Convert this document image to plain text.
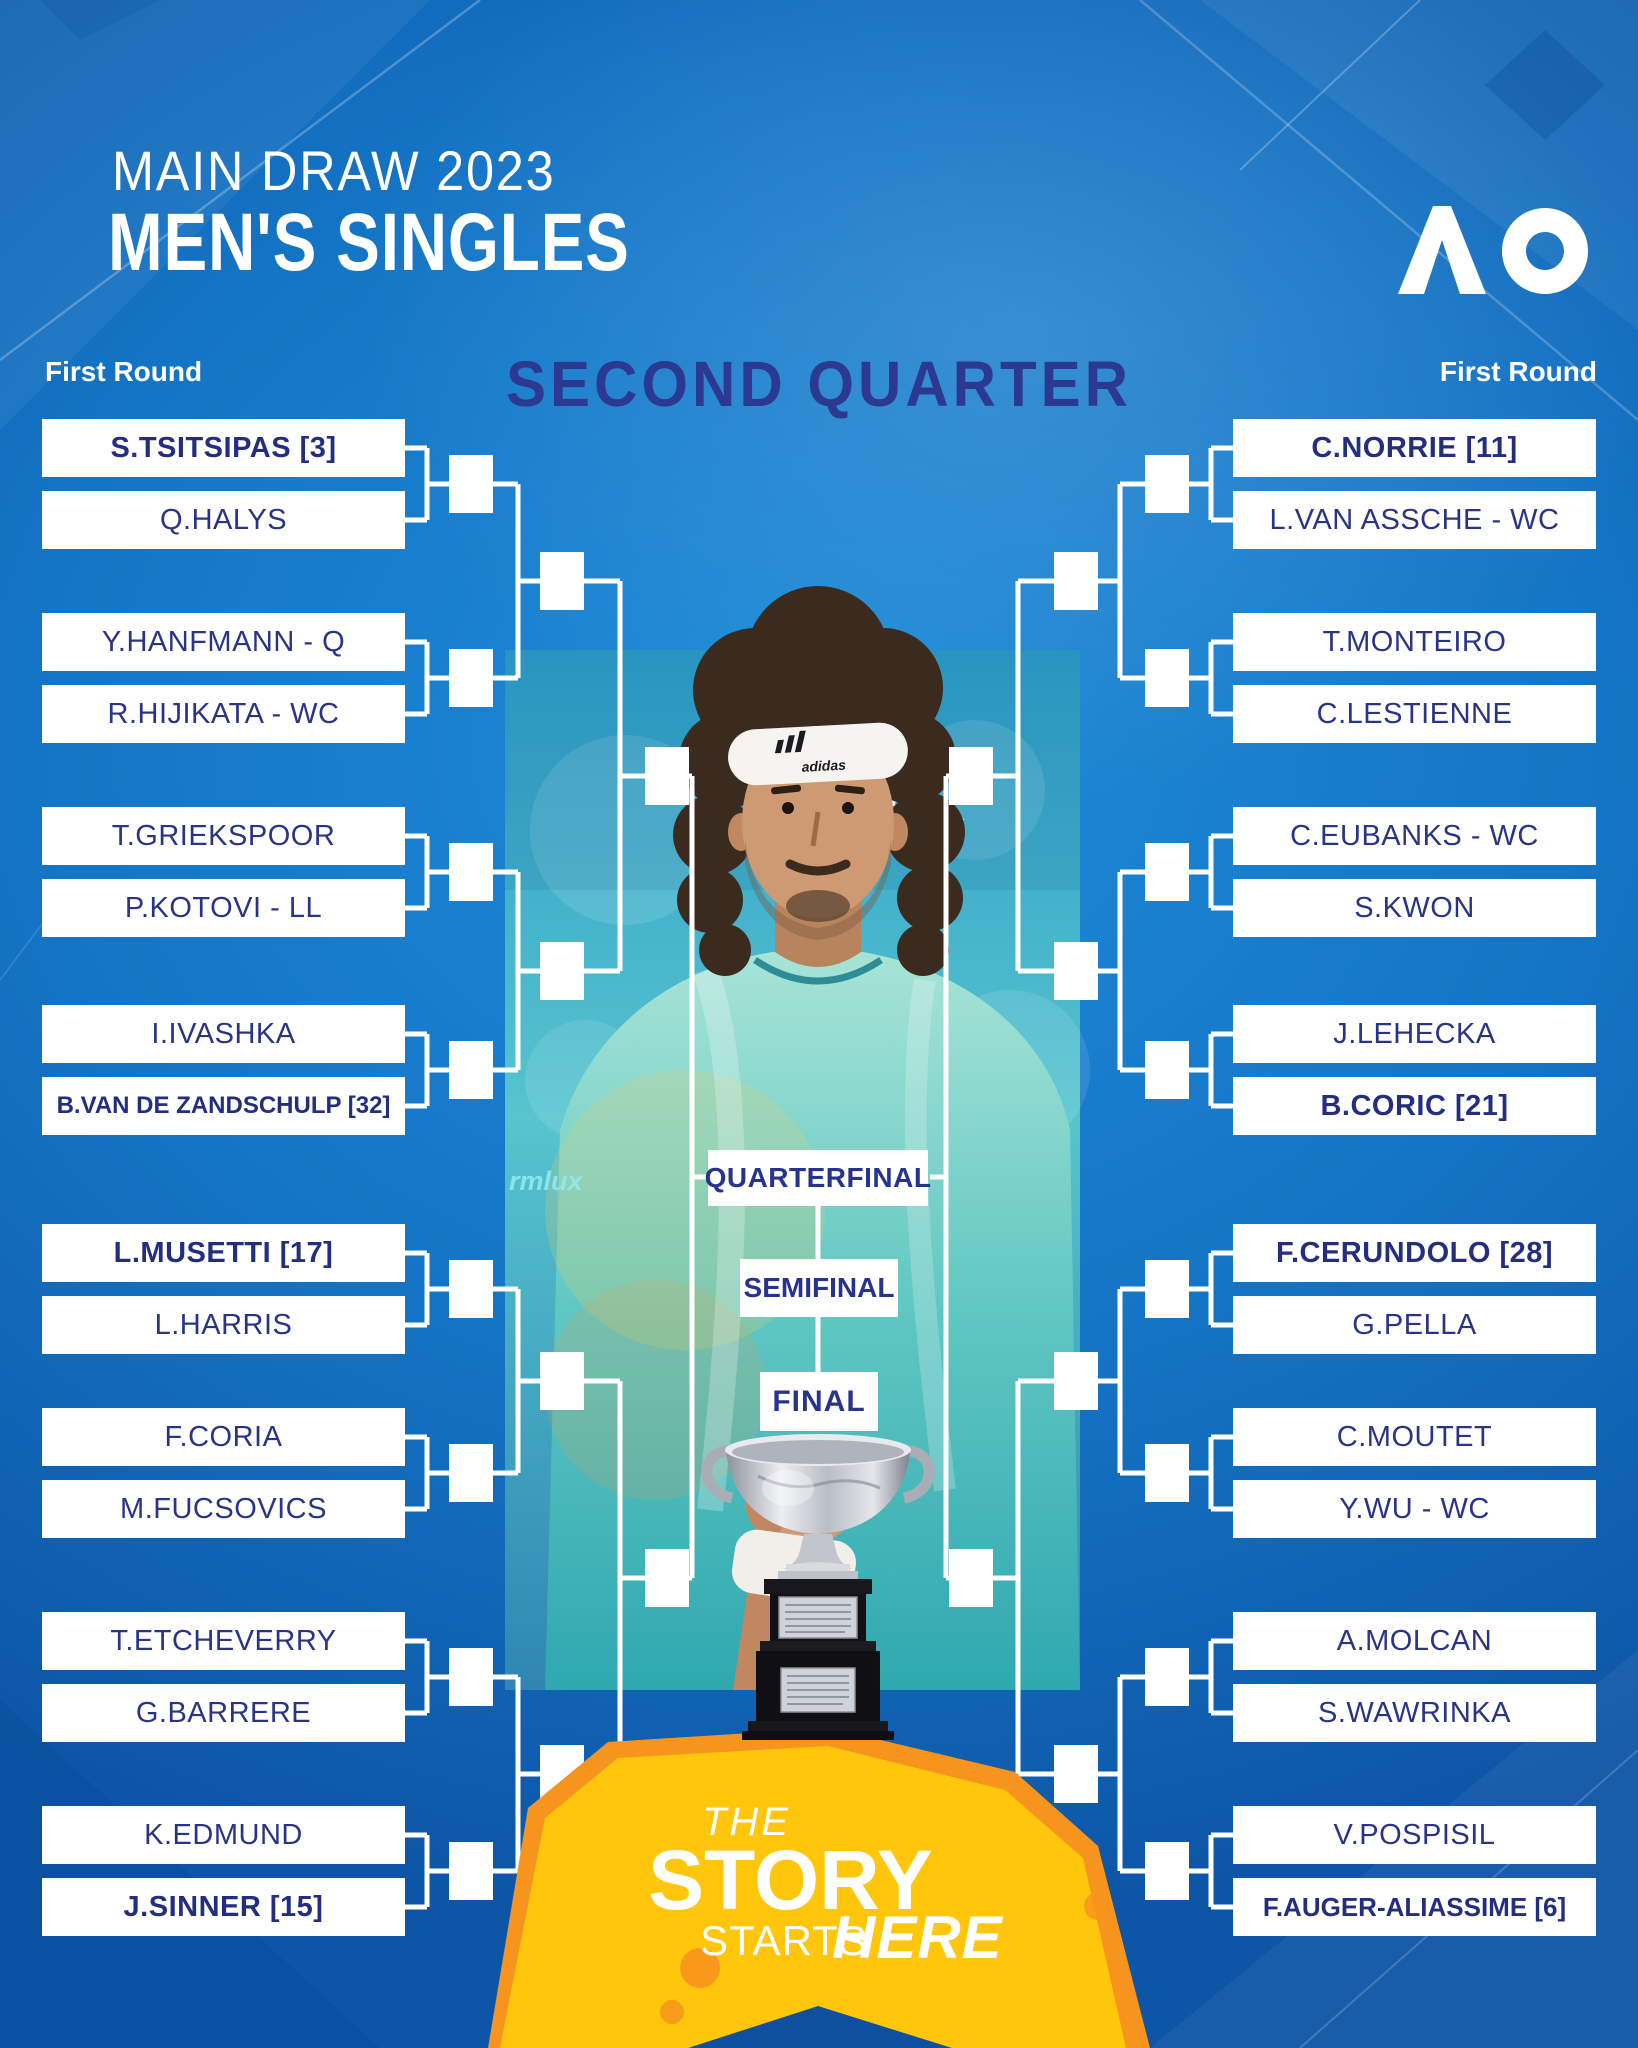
MAIN DRAW 2023
MEN'S SINGLES
First Round	SECOND QUARTER	First Round
adidas
rmlux
S.TSITSIPAS [3]
Q.HALYS
Y.HANFMANN - Q
R.HIJIKATA - WC
T.GRIEKSPOOR
P.KOTOVI - LL
I.IVASHKA
B.VAN DE ZANDSCHULP [32]
L.MUSETTI [17]
L.HARRIS
F.CORIA
M.FUCSOVICS
T.ETCHEVERRY
G.BARRERE
K.EDMUND
J.SINNER [15]
C.NORRIE [11]
L.VAN ASSCHE - WC
T.MONTEIRO
C.LESTIENNE
C.EUBANKS - WC
S.KWON
J.LEHECKA
B.CORIC [21]
F.CERUNDOLO [28]
G.PELLA
C.MOUTET
Y.WU - WC
A.MOLCAN
S.WAWRINKA
V.POSPISIL
F.AUGER-ALIASSIME [6]
QUARTERFINAL
SEMIFINAL
FINAL
THE
STORY
STARTS
HERE
